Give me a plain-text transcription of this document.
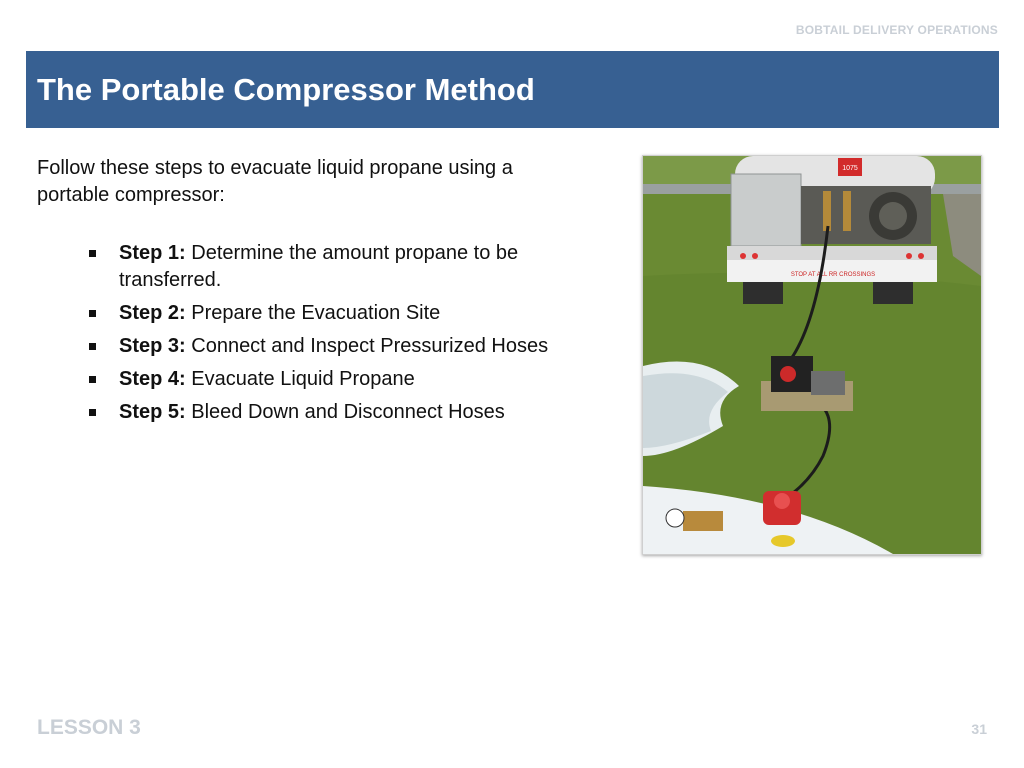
BOBTAIL DELIVERY OPERATIONS
The Portable Compressor Method
Follow these steps to evacuate liquid propane using a portable compressor:
Step 1: Determine the amount propane to be transferred.
Step 2: Prepare the Evacuation Site
Step 3: Connect and Inspect Pressurized Hoses
Step 4: Evacuate Liquid Propane
Step 5: Bleed Down and Disconnect Hoses
1075
STOP AT ALL RR CROSSINGS
LESSON 3	31
